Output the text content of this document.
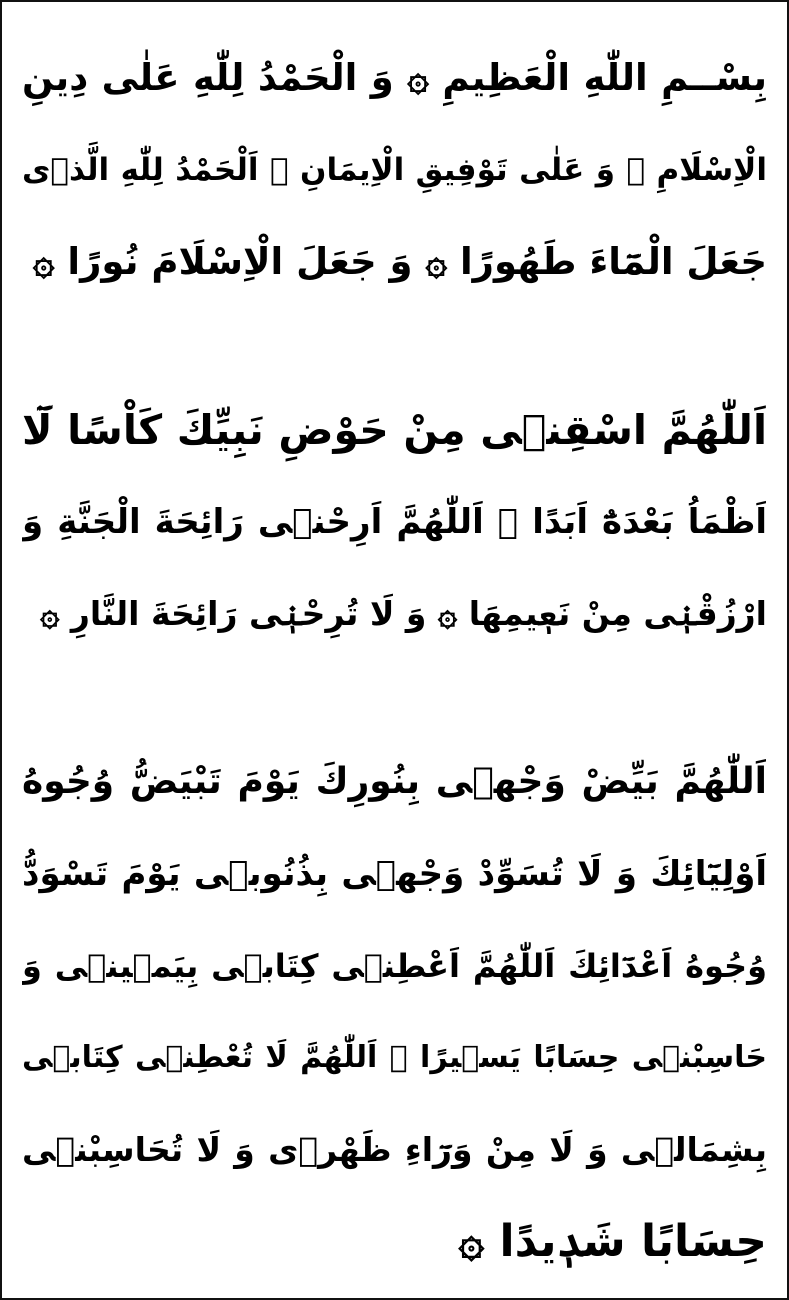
بِسْــمِ اللّٰهِ الْعَظِيمِ ۞ وَ الْحَمْدُ لِلّٰهِ عَلٰى دِينِ
الْاِسْلَامِ ۞ وَ عَلٰى تَوْفِيقِ الْاِيمَانِ ۞ اَلْحَمْدُ لِلّٰهِ الَّذٖى
جَعَلَ الْمَٓاءَ طَهُورًا ۞ وَ جَعَلَ الْاِسْلَامَ نُورًا ۞
اَللّٰهُمَّ اسْقِنٖى مِنْ حَوْضِ نَبِيِّكَ كَاْسًا لَٓا
اَظْمَاُ بَعْدَهُٓ اَبَدًا ۞ اَللّٰهُمَّ اَرِحْنٖى رَائِحَةَ الْجَنَّةِ وَ
ارْزُقْنٖى مِنْ نَعٖيمِهَا ۞ وَ لَا تُرِحْنٖى رَائِحَةَ النَّارِ ۞
اَللّٰهُمَّ بَيِّضْ وَجْهٖى بِنُورِكَ يَوْمَ تَبْيَضُّ وُجُوهُ
اَوْلِيَٓائِكَ وَ لَا تُسَوِّدْ وَجْهٖى بِذُنُوبٖى يَوْمَ تَسْوَدُّ
وُجُوهُ اَعْدَٓائِكَ اَللّٰهُمَّ اَعْطِنٖى كِتَابٖى بِيَمٖينٖى وَ
حَاسِبْنٖى حِسَابًا يَسٖيرًا ۞ اَللّٰهُمَّ لَا تُعْطِنٖى كِتَابٖى
بِشِمَالٖى وَ لَا مِنْ وَرَٓاءِ ظَهْرٖى وَ لَا تُحَاسِبْنٖى
حِسَابًا شَدٖيدًا ۞
